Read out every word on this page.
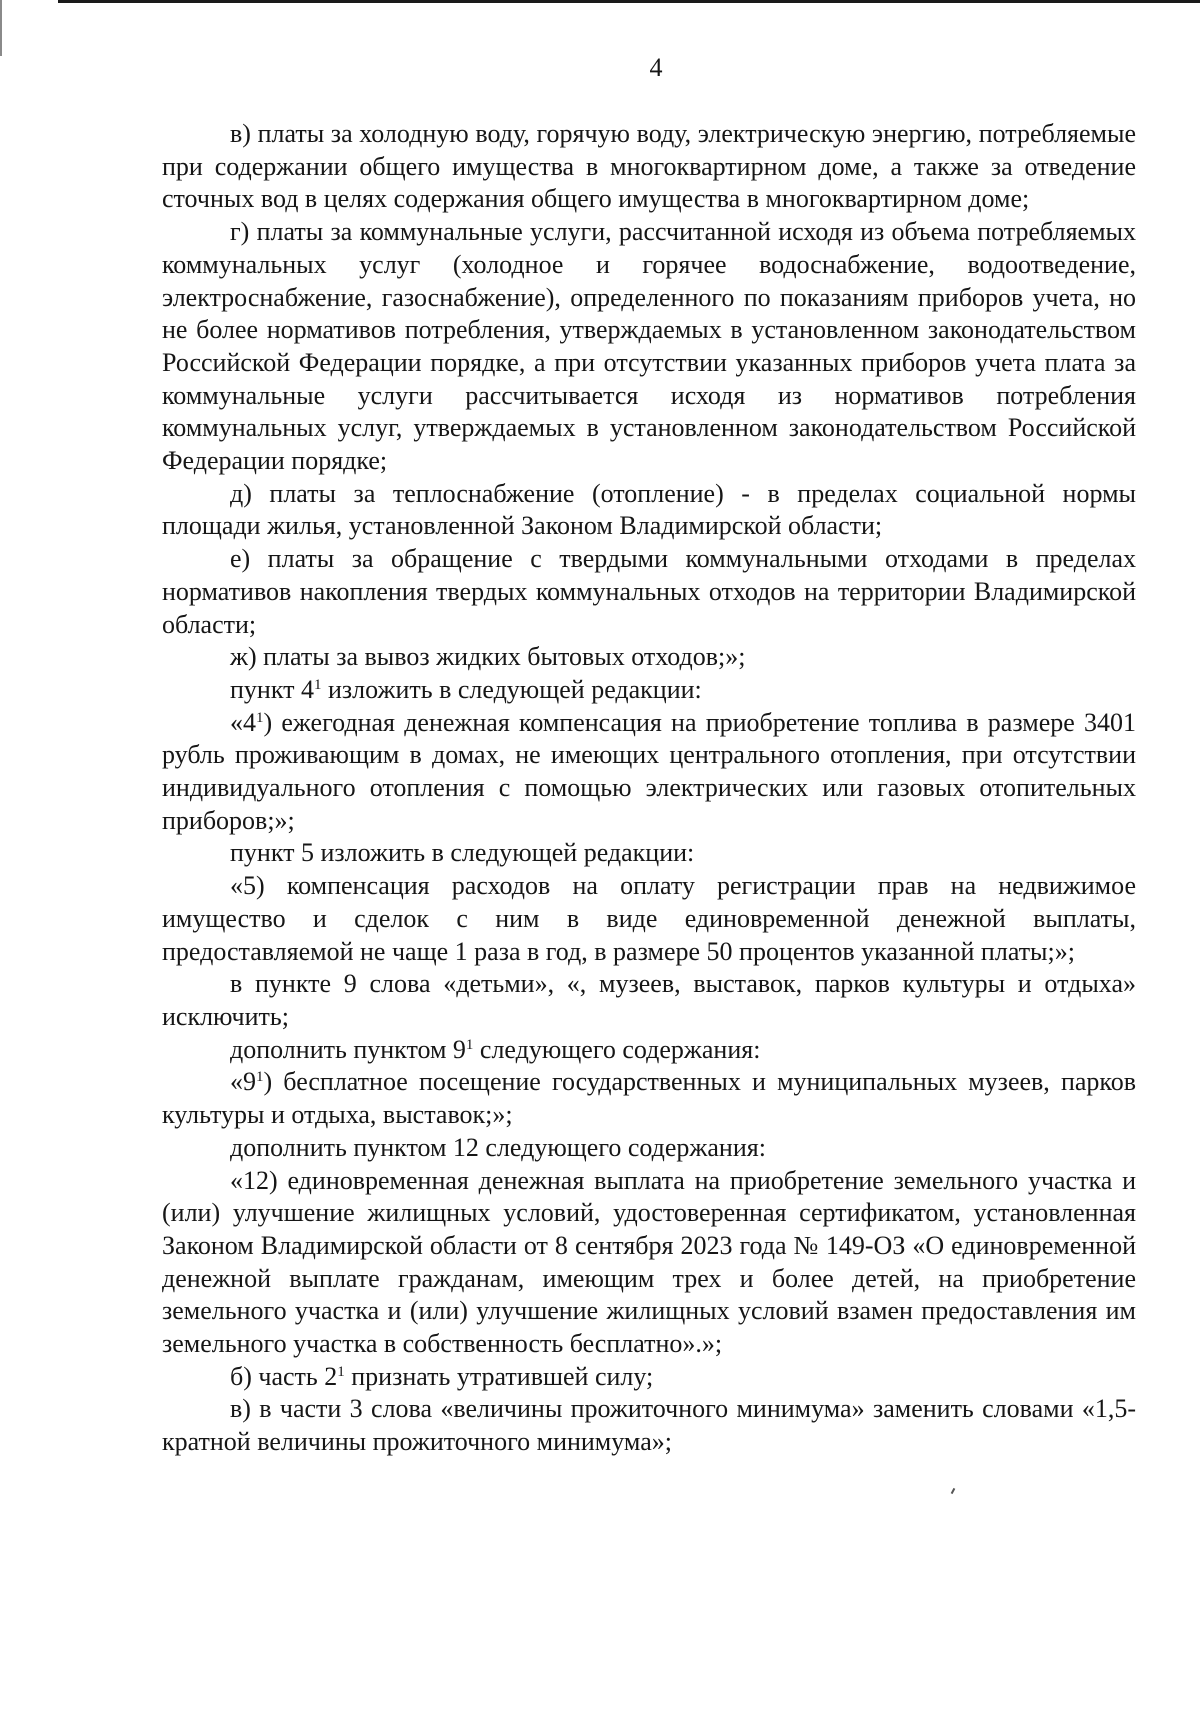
4

в) платы за холодную воду, горячую воду, электрическую энергию, потребляемые при содержании общего имущества в многоквартирном доме, а также за отведение сточных вод в целях содержания общего имущества в многоквартирном доме;

г) платы за коммунальные услуги, рассчитанной исходя из объема потребляемых коммунальных услуг (холодное и горячее водоснабжение, водоотведение, электроснабжение, газоснабжение), определенного по показаниям приборов учета, но не более нормативов потребления, утверждаемых в установленном законодательством Российской Федерации порядке, а при отсутствии указанных приборов учета плата за коммунальные услуги рассчитывается исходя из нормативов потребления коммунальных услуг, утверждаемых в установленном законодательством Российской Федерации порядке;

д) платы за теплоснабжение (отопление) - в пределах социальной нормы площади жилья, установленной Законом Владимирской области;

е) платы за обращение с твердыми коммунальными отходами в пределах нормативов накопления твердых коммунальных отходов на территории Владимирской области;

ж) платы за вывоз жидких бытовых отходов;»;

пункт $4^1$ изложить в следующей редакции:

«$4^1$) ежегодная денежная компенсация на приобретение топлива в размере 3401 рубль проживающим в домах, не имеющих центрального отопления, при отсутствии индивидуального отопления с помощью электрических или газовых отопительных приборов;»;

пункт 5 изложить в следующей редакции:

«5) компенсация расходов на оплату регистрации прав на недвижимое имущество и сделок с ним в виде единовременной денежной выплаты, предоставляемой не чаще 1 раза в год, в размере 50 процентов указанной платы;»;

в пункте 9 слова «детьми», «, музеев, выставок, парков культуры и отдыха» исключить;

дополнить пунктом $9^1$ следующего содержания:

«$9^1$) бесплатное посещение государственных и муниципальных музеев, парков культуры и отдыха, выставок;»;

дополнить пунктом 12 следующего содержания:

«12) единовременная денежная выплата на приобретение земельного участка и (или) улучшение жилищных условий, удостоверенная сертификатом, установленная Законом Владимирской области от 8 сентября 2023 года № 149-ОЗ «О единовременной денежной выплате гражданам, имеющим трех и более детей, на приобретение земельного участка и (или) улучшение жилищных условий взамен предоставления им земельного участка в собственность бесплатно».»;

б) часть $2^1$ признать утратившей силу;

в) в части 3 слова «величины прожиточного минимума» заменить словами «1,5-кратной величины прожиточного минимума»;
